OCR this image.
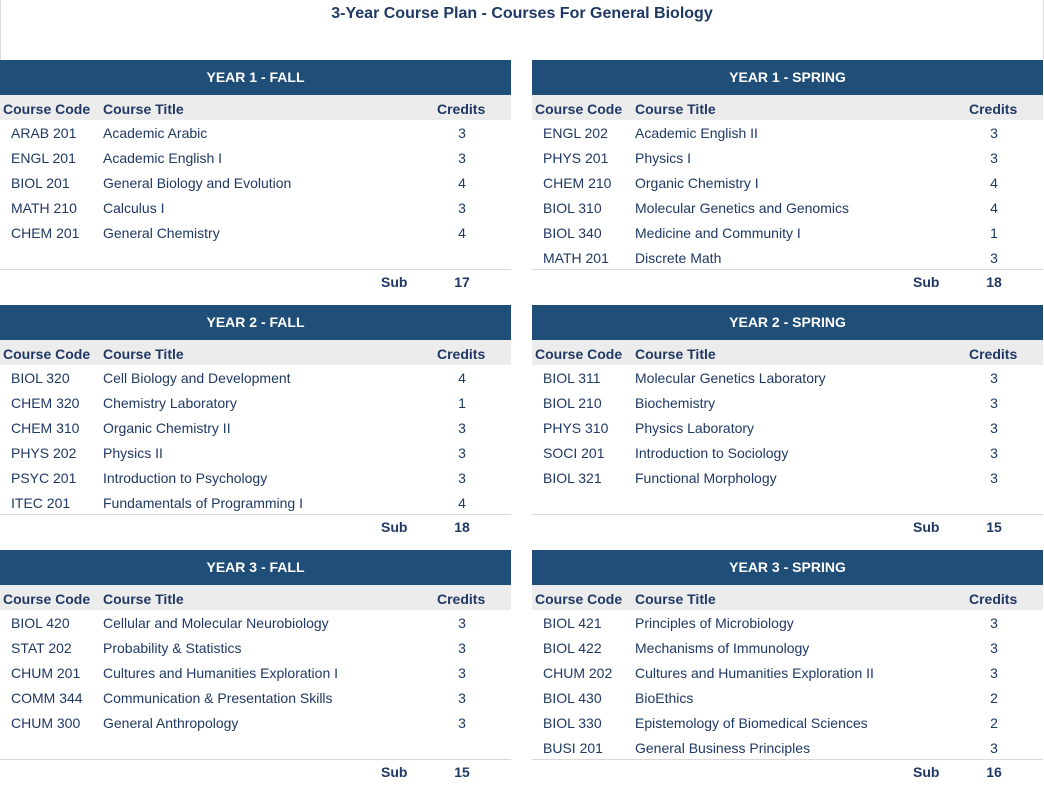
3-Year Course Plan - Courses For General Biology
YEAR 1 - FALL
Course Code Course Title	Credits
ARAB 201 Academic Arabic	3
ENGL 201 Academic English I	3
BIOL 201 General Biology and Evolution	4
MATH 210 Calculus I	3
CHEM 201 General Chemistry	4
Sub	17
YEAR 1 - SPRING
Course Code Course Title	Credits
ENGL 202 Academic English II	3
PHYS 201 Physics I	3
CHEM 210 Organic Chemistry I	4
BIOL 310 Molecular Genetics and Genomics	4
BIOL 340 Medicine and Community I	1
MATH 201 Discrete Math	3
Sub	18
YEAR 2 - FALL
Course Code Course Title	Credits
BIOL 320 Cell Biology and Development	4
CHEM 320 Chemistry Laboratory	1
CHEM 310 Organic Chemistry II	3
PHYS 202 Physics II	3
PSYC 201 Introduction to Psychology	3
ITEC 201 Fundamentals of Programming I	4
Sub	18
YEAR 2 - SPRING
Course Code Course Title	Credits
BIOL 311 Molecular Genetics Laboratory	3
BIOL 210 Biochemistry	3
PHYS 310 Physics Laboratory	3
SOCI 201 Introduction to Sociology	3
BIOL 321 Functional Morphology	3
Sub	15
YEAR 3 - FALL
Course Code Course Title	Credits
BIOL 420 Cellular and Molecular Neurobiology	3
STAT 202 Probability & Statistics	3
CHUM 201 Cultures and Humanities Exploration I	3
COMM 344 Communication & Presentation Skills	3
CHUM 300 General Anthropology	3
Sub	15
YEAR 3 - SPRING
Course Code Course Title	Credits
BIOL 421 Principles of Microbiology	3
BIOL 422 Mechanisms of Immunology	3
CHUM 202 Cultures and Humanities Exploration II	3
BIOL 430 BioEthics	2
BIOL 330 Epistemology of Biomedical Sciences	2
BUSI 201 General Business Principles	3
Sub	16
